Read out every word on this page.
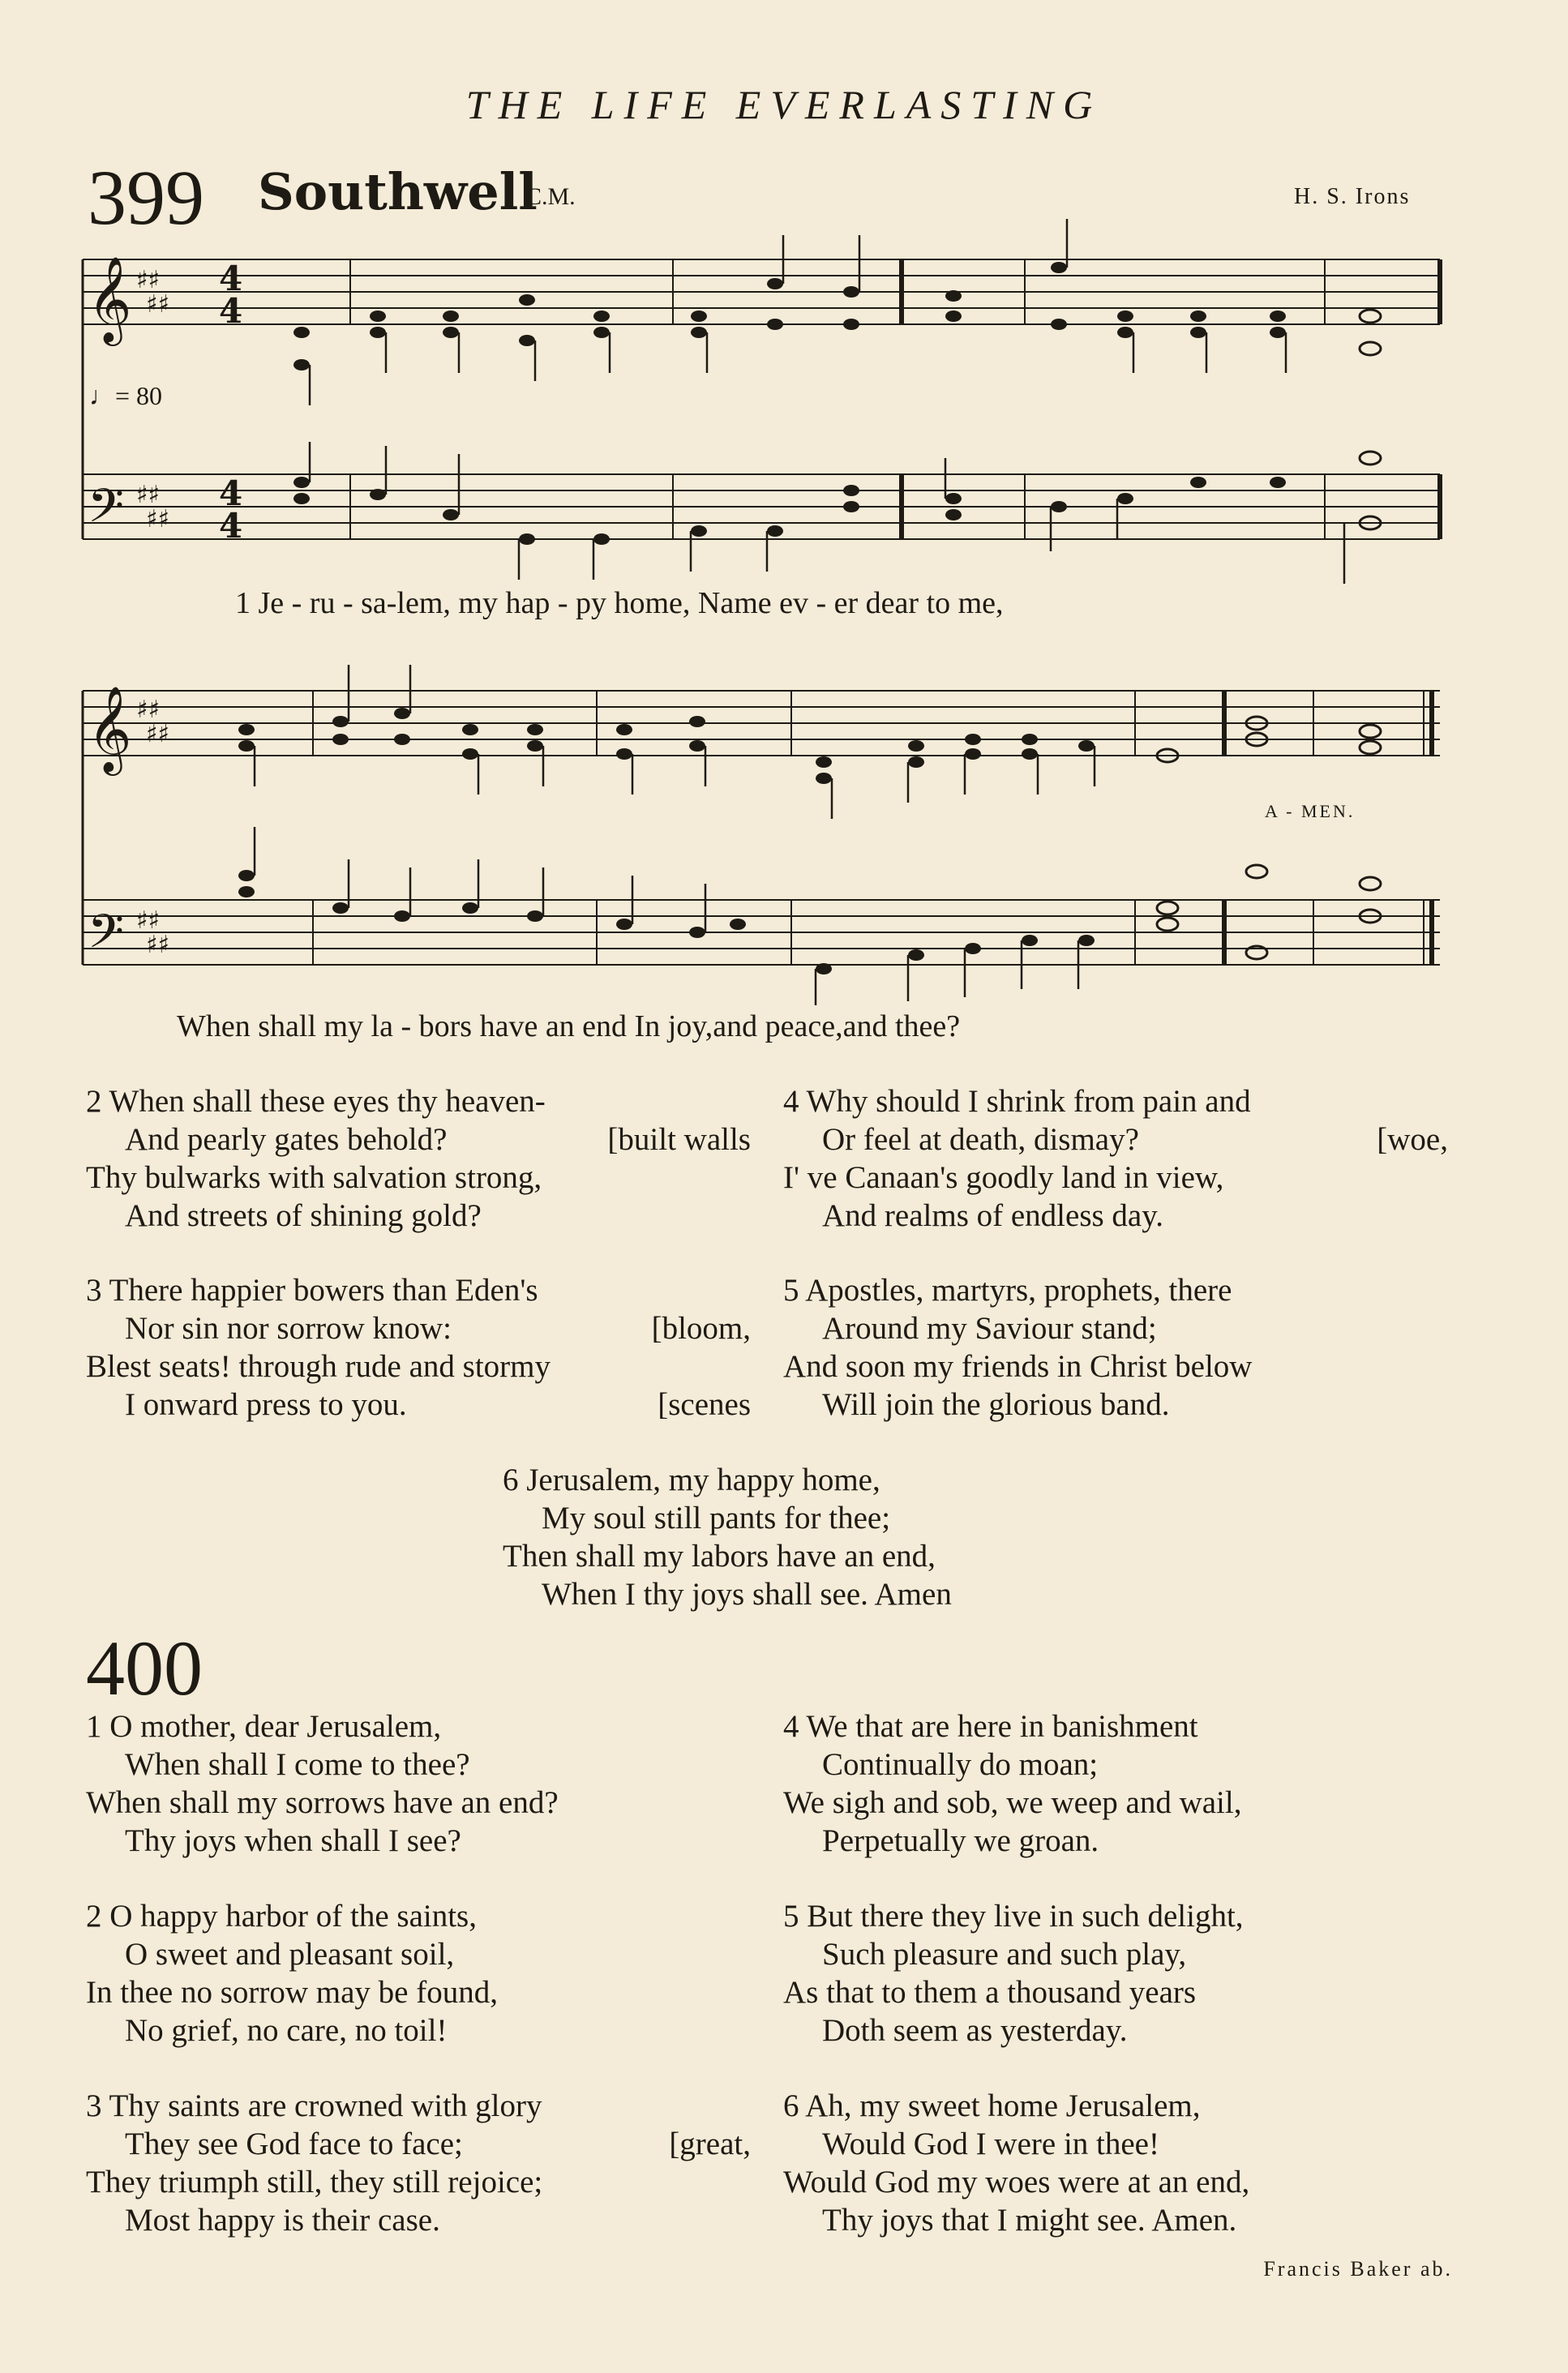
THE LIFE EVERLASTING
399 Southwell
C.M.	H. S. Irons
𝄞
𝄢
𝄞
𝄢
♯♯
♯♯
♯♯
♯♯
♯♯
♯♯
♯♯
♯♯
4
4
4
4
♩= 80
1 Je - ru - sa-lem, my hap - py home, Name ev - er dear to me,
When shall my la - bors have an end In joy,and peace,and thee?
A - MEN.
2 When shall these eyes thy heaven-
And pearly gates behold?	[built walls
Thy bulwarks with salvation strong,
And streets of shining gold?
4 Why should I shrink from pain and
Or feel at death, dismay?	[woe,
I' ve Canaan's goodly land in view,
And realms of endless day.
3 There happier bowers than Eden's
Nor sin nor sorrow know:	[bloom,
Blest seats! through rude and stormy
I onward press to you.	[scenes
5 Apostles, martyrs, prophets, there
Around my Saviour stand;
And soon my friends in Christ below
Will join the glorious band.
6 Jerusalem, my happy home,
My soul still pants for thee;
Then shall my labors have an end,
When I thy joys shall see. Amen
400
1 O mother, dear Jerusalem,
When shall I come to thee?
When shall my sorrows have an end?
Thy joys when shall I see?
4 We that are here in banishment
Continually do moan;
We sigh and sob, we weep and wail,
Perpetually we groan.
2 O happy harbor of the saints,
O sweet and pleasant soil,
In thee no sorrow may be found,
No grief, no care, no toil!
5 But there they live in such delight,
Such pleasure and such play,
As that to them a thousand years
Doth seem as yesterday.
3 Thy saints are crowned with glory
They see God face to face;	[great,
They triumph still, they still rejoice;
Most happy is their case.
6 Ah, my sweet home Jerusalem,
Would God I were in thee!
Would God my woes were at an end,
Thy joys that I might see. Amen.
Francis Baker ab.
